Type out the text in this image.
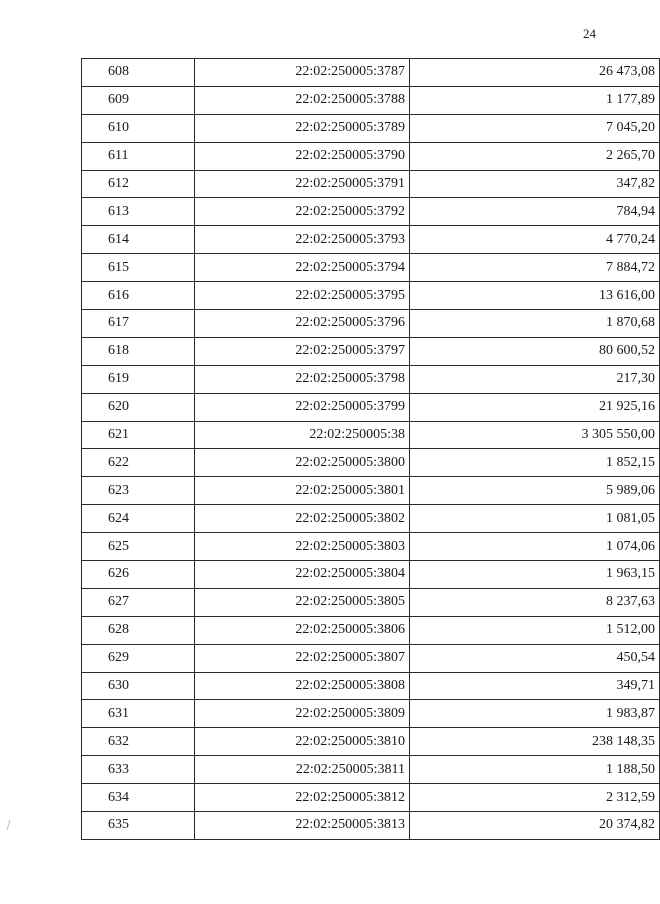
24
608	22:02:250005:3787	26 473,08
609	22:02:250005:3788	1 177,89
610	22:02:250005:3789	7 045,20
611	22:02:250005:3790	2 265,70
612	22:02:250005:3791	347,82
613	22:02:250005:3792	784,94
614	22:02:250005:3793	4 770,24
615	22:02:250005:3794	7 884,72
616	22:02:250005:3795	13 616,00
617	22:02:250005:3796	1 870,68
618	22:02:250005:3797	80 600,52
619	22:02:250005:3798	217,30
620	22:02:250005:3799	21 925,16
621	22:02:250005:38	3 305 550,00
622	22:02:250005:3800	1 852,15
623	22:02:250005:3801	5 989,06
624	22:02:250005:3802	1 081,05
625	22:02:250005:3803	1 074,06
626	22:02:250005:3804	1 963,15
627	22:02:250005:3805	8 237,63
628	22:02:250005:3806	1 512,00
629	22:02:250005:3807	450,54
630	22:02:250005:3808	349,71
631	22:02:250005:3809	1 983,87
632	22:02:250005:3810	238 148,35
633	22:02:250005:3811	1 188,50
634	22:02:250005:3812	2 312,59
635	22:02:250005:3813	20 374,82
